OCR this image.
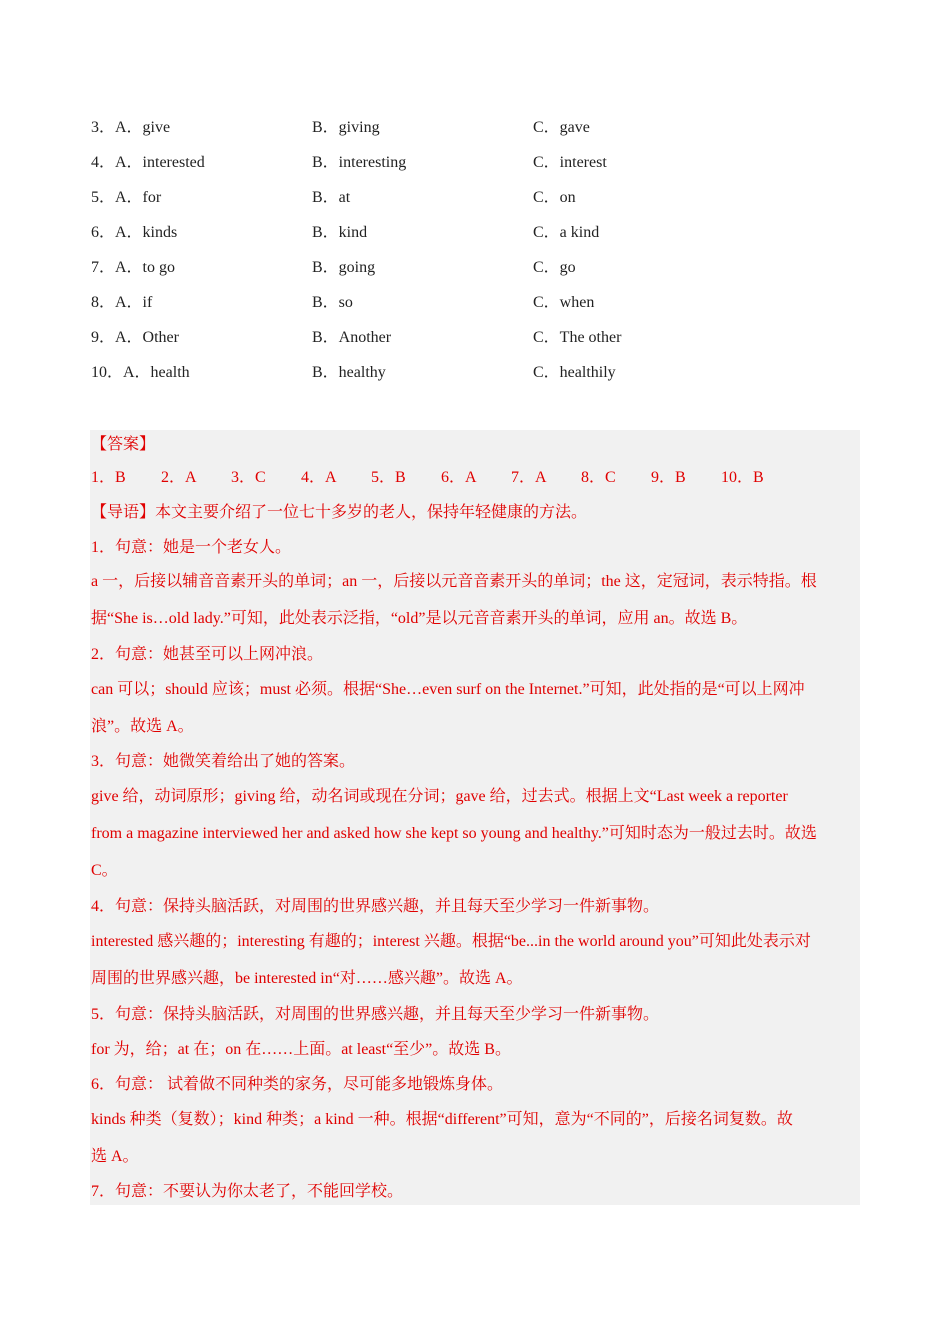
3．A．give	B．giving	C．gave
4．A．interested	B．interesting	C．interest
5．A．for	B．at	C．on
6．A．kinds	B．kind	C．a kind
7．A．to go	B．going	C．go
8．A．if	B．so	C．when
9．A．Other	B．Another	C．The other
10．A．health	B．healthy	C．healthily
【答案】
1．B	2．A	3．C	4．A	5．B	6．A	7．A	8．C	9．B	10．B
【导语】本文主要介绍了一位七十多岁的老人，保持年轻健康的方法。
1．句意：她是一个老女人。
a 一，后接以辅音音素开头的单词；an 一，后接以元音音素开头的单词；the 这，定冠词，表示特指。根
据“She is…old lady.”可知，此处表示泛指，“old”是以元音音素开头的单词，应用 an。故选 B。
2．句意：她甚至可以上网冲浪。
can 可以；should 应该；must 必须。根据“She…even surf on the Internet.”可知，此处指的是“可以上网冲
浪”。故选 A。
3．句意：她微笑着给出了她的答案。
give 给，动词原形；giving 给，动名词或现在分词；gave 给，过去式。根据上文“Last week a reporter
from a magazine interviewed her and asked how she kept so young and healthy.”可知时态为一般过去时。故选
C。
4．句意：保持头脑活跃，对周围的世界感兴趣，并且每天至少学习一件新事物。
interested 感兴趣的；interesting 有趣的；interest 兴趣。根据“be...in the world around you”可知此处表示对
周围的世界感兴趣，be interested in“对……感兴趣”。故选 A。
5．句意：保持头脑活跃，对周围的世界感兴趣，并且每天至少学习一件新事物。
for 为，给；at 在；on 在……上面。at least“至少”。故选 B。
6．句意： 试着做不同种类的家务，尽可能多地锻炼身体。
kinds 种类（复数）；kind 种类；a kind 一种。根据“different”可知，意为“不同的”，后接名词复数。故
选 A。
7．句意：不要认为你太老了，不能回学校。
